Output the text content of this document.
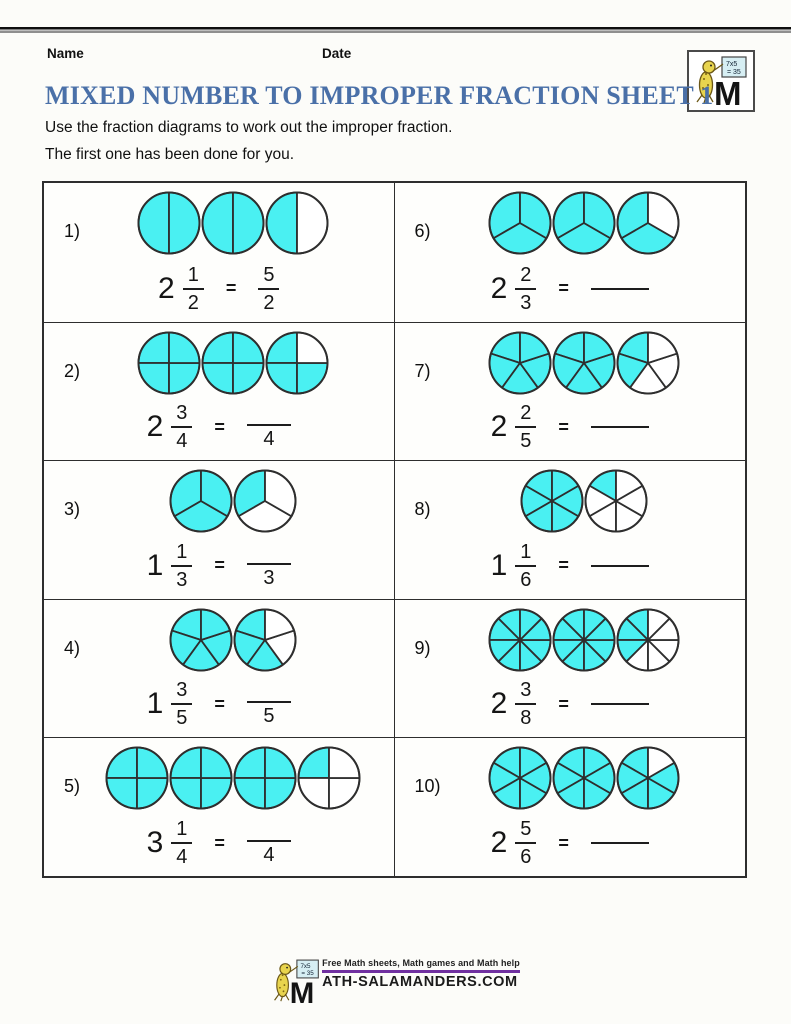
Name	Date
7x5
= 35
M
MIXED NUMBER TO IMPROPER FRACTION SHEET 1
Use the fraction diagrams to work out the improper fraction.
The first one has been done for you.
1)
$2 \frac{1}{2} = \frac{5}{2}$
6)
$2 \frac{2}{3}$ =
2)
$2 \frac{3}{4}$ =
4
7)
$2 \frac{2}{5}$ =
3)
$1 \frac{1}{3}$ =
3
8)
$1 \frac{1}{6}$ =
4)
$1 \frac{3}{5}$ =
5
9)
$2 \frac{3}{8}$ =
5)
$3 \frac{1}{4}$ =
4
10)
$2 \frac{5}{6}$ =
7x5
= 35
M
Free Math sheets, Math games and Math help
ATH-SALAMANDERS.COM
